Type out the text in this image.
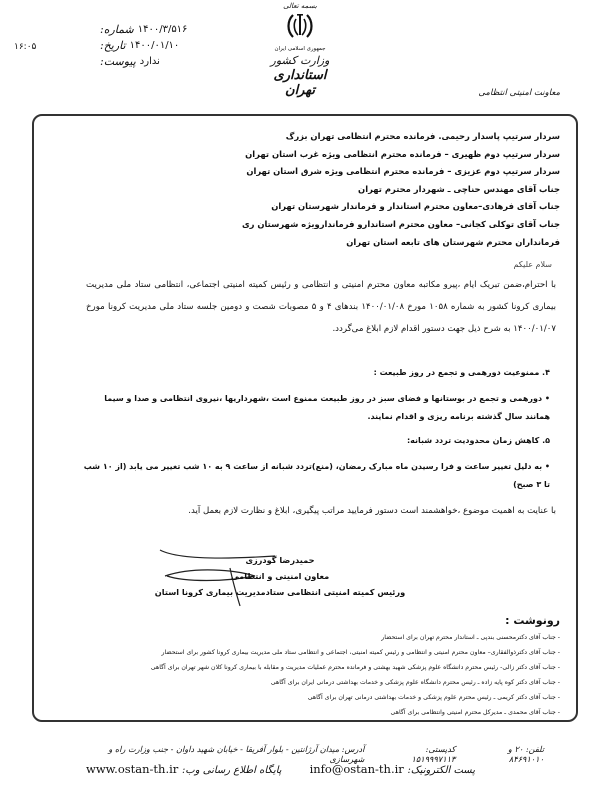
شماره: ۱۴۰۰/۳/۵۱۶
تاریخ: ۱۴۰۰/۰۱/۱۰
پیوست: ندارد
۱۶:۰۵
بسمه تعالی
جمهوری اسلامی ایران
وزارت کشور
استانداری تهران	معاونت امنیتی انتظامی
سردار سرتیپ پاسدار رحیمی. فرمانده محترم انتظامی تهران بزرگ
سردار سرتیپ دوم ظهیری – فرمانده محترم انتظامی ویژه غرب استان تهران
سردار سرتیپ دوم عزیزی – فرمانده محترم انتظامی ویژه شرق استان تهران
جناب آقای مهندس حناچی ـ شهردار محترم تهران
جناب آقای فرهادی–معاون محترم استاندار و فرماندار شهرستان تهران
جناب آقای توکلی کجانی– معاون محترم استاندارو فرماندارویژه شهرستان ری
فرمانداران محترم شهرستان های تابعه استان تهران
سلام علیکم
با احترام،ضمن تبریک ایام ،پیرو مکاتبه معاون محترم امنیتی و انتظامی و رئیس کمیته امنیتی اجتماعی، انتظامی ستاد ملی مدیریت بیماری کرونا کشور به شماره ۱۰۵۸ مورخ ۱۴۰۰/۰۱/۰۸ بندهای ۴ و ۵ مصوبات شصت و دومین جلسه ستاد ملی مدیریت کرونا مورخ ۱۴۰۰/۰۱/۰۷ به شرح ذیل جهت دستور اقدام لازم ابلاغ می‌گردد.
۴. ممنوعیت دورهمی و تجمع در روز طبیعت :
• دورهمی و تجمع در بوستانها و فضای سبز در روز طبیعت ممنوع است ،شهرداریها ،نیروی انتظامی و صدا و سیما همانند سال گذشته برنامه ریزی و اقدام نمایند.
۵. کاهش زمان محدودیت تردد شبانه:
• به دلیل تغییر ساعت و فرا رسیدن ماه مبارک رمضان، (منع)تردد شبانه از ساعت ۹ به ۱۰ شب تغییر می یابد (از ۱۰ شب تا ۳ صبح)
با عنایت به اهمیت موضوع ،خواهشمند است دستور فرمایید مراتب پیگیری، ابلاغ و نظارت لازم بعمل آید.
حمیدرضا گودرزی
معاون امنیتی و انتظامی
ورئیس کمیته امنیتی انتظامی ستادمدیریت بیماری کرونا استان
رونوشت :
- جناب آقای دکترمحسنی بندپی ـ استاندار محترم تهران برای استحضار
- جناب آقای دکترذوالفقاری– معاون محترم امنیتی و انتظامی و رئیس کمیته امنیتی، اجتماعی و انتظامی ستاد ملی مدیریت بیماری کرونا کشور برای استحضار
- جناب آقای دکتر زالی- رئیس محترم دانشگاه علوم پزشکی شهید بهشتی و فرمانده محترم عملیات مدیریت و مقابله با بیماری کرونا کلان شهر تهران برای آگاهی
- جناب آقای دکتر کوه پایه زاده ـ رئیس محترم دانشگاه علوم پزشکی و خدمات بهداشتی درمانی ایران برای آگاهی
- جناب آقای دکتر کریمی ـ رئیس محترم علوم پزشکی و خدمات بهداشتی درمانی تهران برای آگاهی
- جناب آقای محمدی ـ مدیرکل محترم امنیتی وانتظامی برای آگاهی
آدرس: میدان آرژانتین - بلوار آفریقا - خیابان شهید داوان - جنب وزارت راه و شهرسازی
کدپستی: ۱۵۱۹۹۹۷۱۱۳
تلفن: ۲۰ و ۸۴۶۹۱۰۱۰
پایگاه اطلاع رسانی وب: www.ostan-th.ir	پست الکترونیک: info@ostan-th.ir
